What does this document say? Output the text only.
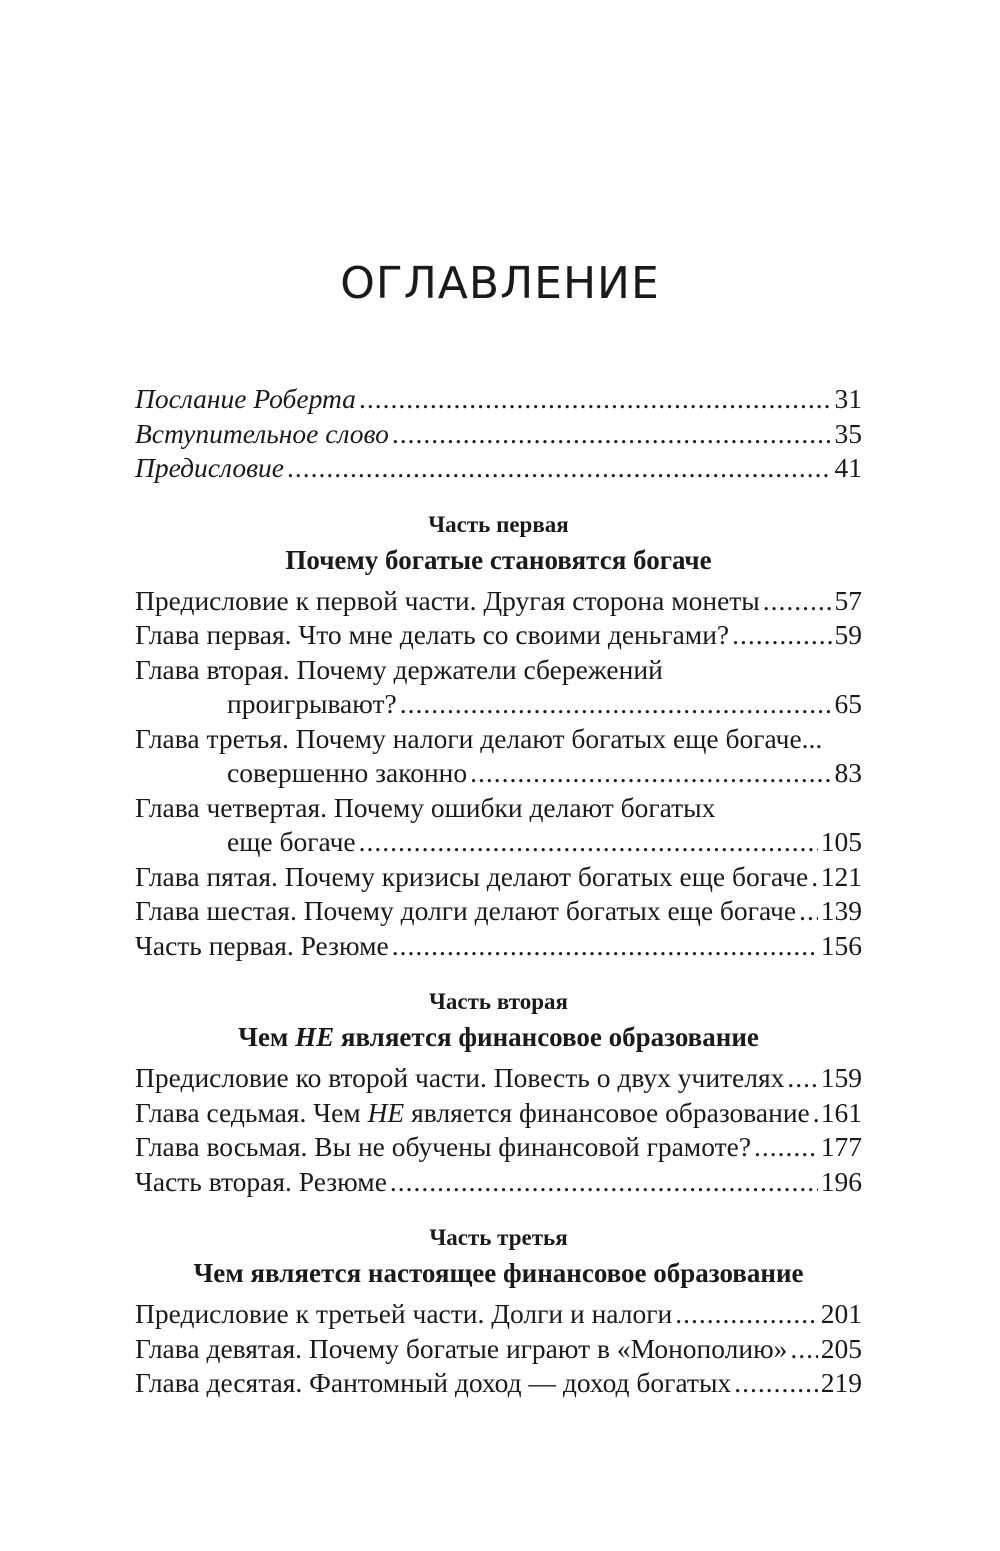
ОГЛАВЛЕНИЕ
Послание Роберта .....	31
Вступительное слово .....	35
Предисловие .....	41
Часть первая
Почему богатые становятся богаче
Предисловие к первой части. Другая сторона монеты .....	57
Глава первая. Что мне делать со своими деньгами? .....	59
Глава вторая. Почему держатели сбережений
проигрывают? .....	65
Глава третья. Почему налоги делают богатых еще богаче...
совершенно законно .....	83
Глава четвертая. Почему ошибки делают богатых
еще богаче .....	105
Глава пятая. Почему кризисы делают богатых еще богаче ..... 121
Глава шестая. Почему долги делают богатых еще богаче ..... 139
Часть первая. Резюме .....	156
Часть вторая
Чем НЕ является финансовое образование
Предисловие ко второй части. Повесть о двух учителях ..... 159
Глава седьмая. Чем НЕ является финансовое образование ..... 161
Глава восьмая. Вы не обучены финансовой грамоте? .....	177
Часть вторая. Резюме .....	196
Часть третья
Чем является настоящее финансовое образование
Предисловие к третьей части. Долги и налоги .....	201
Глава девятая. Почему богатые играют в «Монополию» ..... 205
Глава десятая. Фантомный доход — доход богатых .....	219
